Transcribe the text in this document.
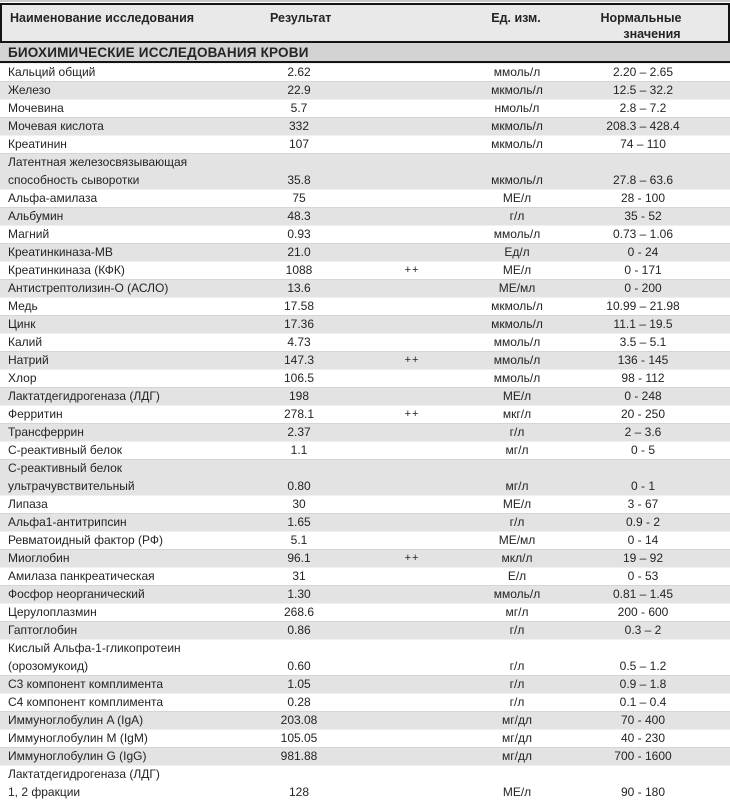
Наименование исследования	Результат	Ед. изм.	Нормальные
значения
БИОХИМИЧЕСКИЕ ИССЛЕДОВАНИЯ КРОВИ
Кальций общий	2.62	ммоль/л	2.20 – 2.65
Железо	22.9	мкмоль/л	12.5 – 32.2
Мочевина	5.7	нмоль/л	2.8 – 7.2
Мочевая кислота	332	мкмоль/л	208.3 – 428.4
Креатинин	107	мкмоль/л	74 – 110
Латентная железосвязывающая
способность сыворотки	35.8	мкмоль/л	27.8 – 63.6
Альфа-амилаза	75	МЕ/л	28 - 100
Альбумин	48.3	г/л	35 - 52
Магний	0.93	ммоль/л	0.73 – 1.06
Креатинкиназа-МВ	21.0	Ед/л	0 - 24
Креатинкиназа (КФК)	1088	++	МЕ/л	0 - 171
Антистрептолизин-О (АСЛО)	13.6	МЕ/мл	0 - 200
Медь	17.58	мкмоль/л	10.99 – 21.98
Цинк	17.36	мкмоль/л	11.1 – 19.5
Калий	4.73	ммоль/л	3.5 – 5.1
Натрий	147.3	++	ммоль/л	136 - 145
Хлор	106.5	ммоль/л	98 - 112
Лактатдегидрогеназа (ЛДГ)	198	МЕ/л	0 - 248
Ферритин	278.1	++	мкг/л	20 - 250
Трансферрин	2.37	г/л	2 – 3.6
С-реактивный белок	1.1	мг/л	0 - 5
С-реактивный белок
ультрачувствительный	0.80	мг/л	0 - 1
Липаза	30	МЕ/л	3 - 67
Альфа1-антитрипсин	1.65	г/л	0.9 - 2
Ревматоидный фактор (РФ)	5.1	МЕ/мл	0 - 14
Миоглобин	96.1	++	мкл/л	19 – 92
Амилаза панкреатическая	31	Е/л	0 - 53
Фосфор неорганический	1.30	ммоль/л	0.81 – 1.45
Церулоплазмин	268.6	мг/л	200 - 600
Гаптоглобин	0.86	г/л	0.3 – 2
Кислый Альфа-1-гликопротеин
(орозомукоид)	0.60	г/л	0.5 – 1.2
С3 компонент комплимента	1.05	г/л	0.9 – 1.8
С4 компонент комплимента	0.28	г/л	0.1 – 0.4
Иммуноглобулин A (IgA)	203.08	мг/дл	70 - 400
Иммуноглобулин M (IgM)	105.05	мг/дл	40 - 230
Иммуноглобулин G (IgG)	981.88	мг/дл	700 - 1600
Лактатдегидрогеназа (ЛДГ)
1, 2 фракции	128	МЕ/л	90 - 180
